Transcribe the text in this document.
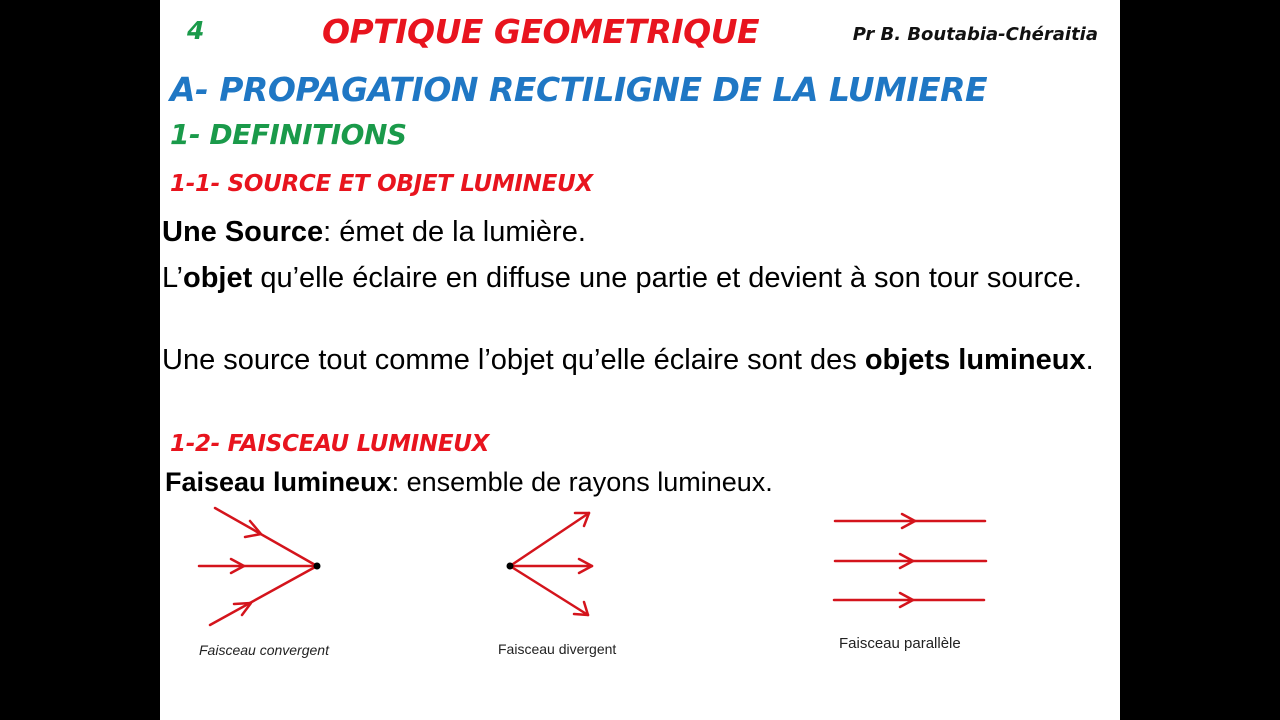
4	OPTIQUE GEOMETRIQUE	Pr B. Boutabia-Chéraitia
A- PROPAGATION RECTILIGNE DE LA LUMIERE
1- DEFINITIONS
1-1- SOURCE ET OBJET LUMINEUX
Une Source: émet de la lumière.
L’objet qu’elle éclaire en diffuse une partie et devient à son tour source.
Une source tout comme l’objet qu’elle éclaire sont des objets lumineux.
1-2- FAISCEAU LUMINEUX
Faiseau lumineux: ensemble de rayons lumineux.
Faisceau convergent	Faisceau divergent	Faisceau parallèle
